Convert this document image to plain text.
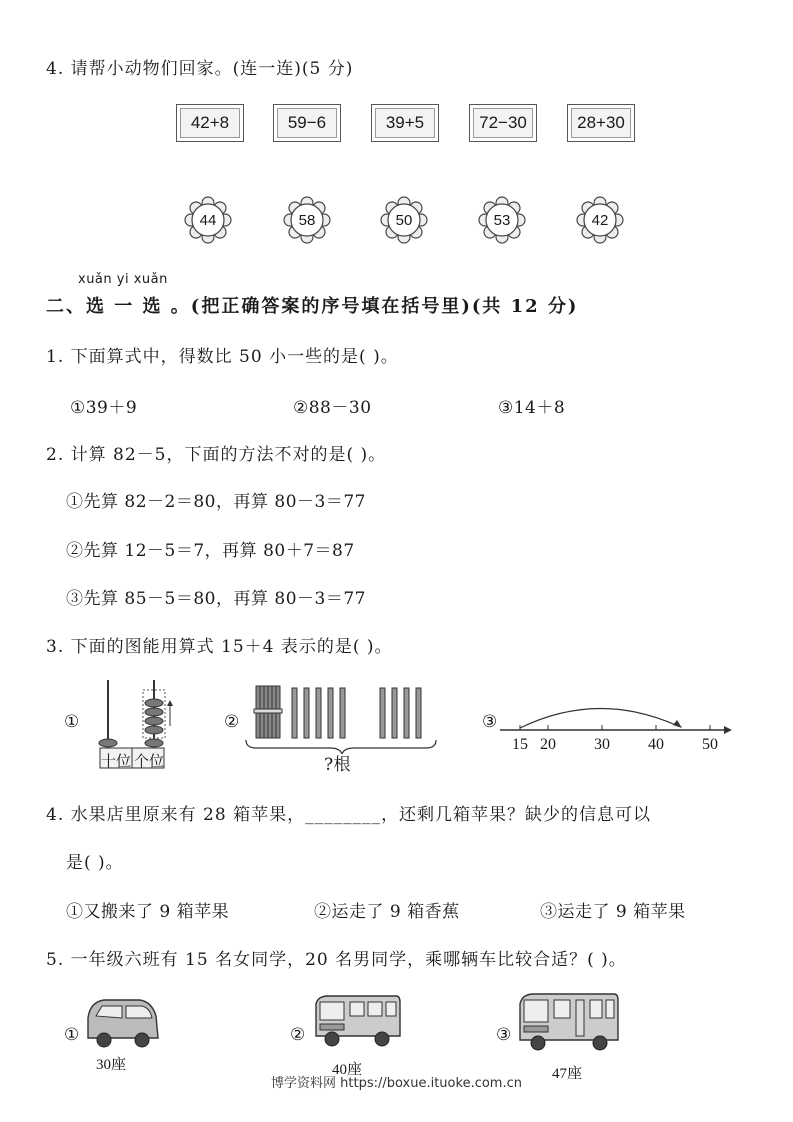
4. 请帮小动物们回家。(连一连)(5 分)
42+8	59−6	39+5	72−30	28+30
44	58	50	53	42
xuǎn yi xuǎn
二、选 一 选 。(把正确答案的序号填在括号里)(共 12 分)
1. 下面算式中，得数比 50 小一些的是( )。
①39＋9	②88－30	③14＋8
2. 计算 82－5，下面的方法不对的是( )。
①先算 82－2＝80，再算 80－3＝77
②先算 12－5＝7，再算 80＋7＝87
③先算 85－5＝80，再算 80－3＝77
3. 下面的图能用算式 15＋4 表示的是( )。
①
十位 个位
②
?根
③
15 20 30 40 50
4. 水果店里原来有 28 箱苹果，________，还剩几箱苹果？缺少的信息可以
是( )。
①又搬来了 9 箱苹果	②运走了 9 箱香蕉	③运走了 9 箱苹果
5. 一年级六班有 15 名女同学，20 名男同学，乘哪辆车比较合适？( )。
①
30座
②
40座
③
47座
博学资料网 https://boxue.ituoke.com.cn
